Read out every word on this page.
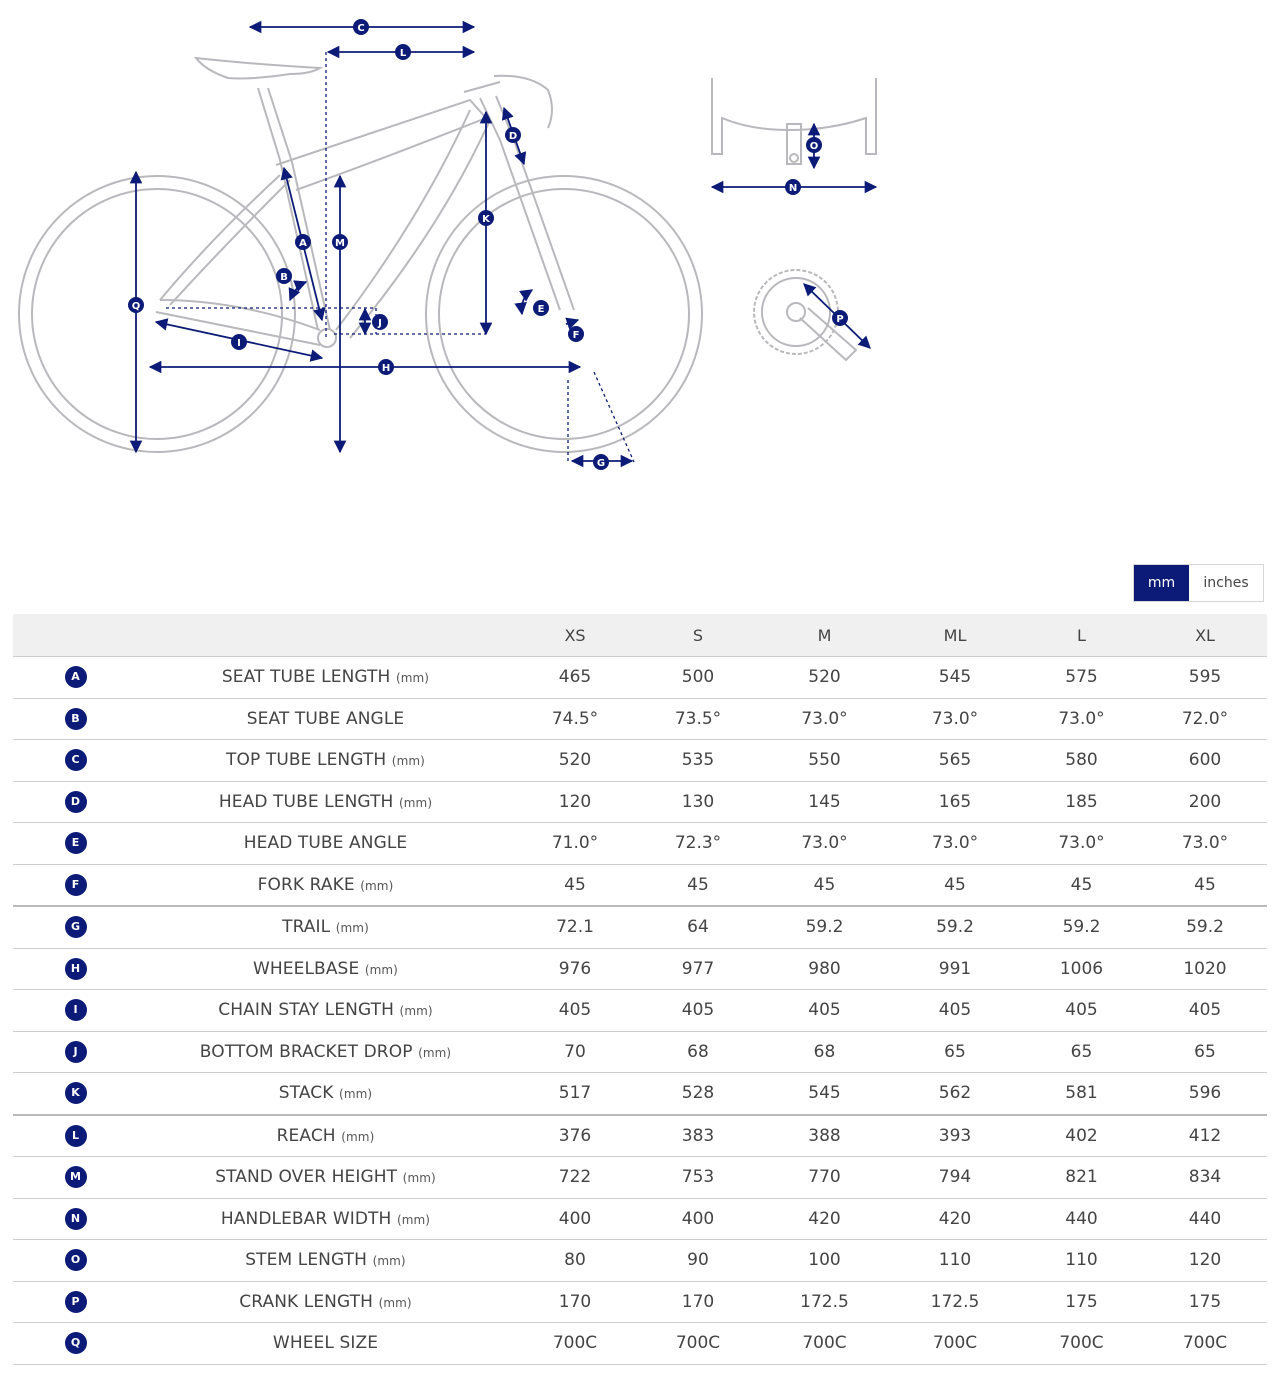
A
B
C
D
E
F
G
H
I
J
K
L
M
N
O
P
Q
mm	inches
		XS	S	M	ML	L	XL
A	SEAT TUBE LENGTH (mm)	465	500	520	545	575	595
B	SEAT TUBE ANGLE	74.5°	73.5°	73.0°	73.0°	73.0°	72.0°
C	TOP TUBE LENGTH (mm)	520	535	550	565	580	600
D	HEAD TUBE LENGTH (mm)	120	130	145	165	185	200
E	HEAD TUBE ANGLE	71.0°	72.3°	73.0°	73.0°	73.0°	73.0°
F	FORK RAKE (mm)	45	45	45	45	45	45
G	TRAIL (mm)	72.1	64	59.2	59.2	59.2	59.2
H	WHEELBASE (mm)	976	977	980	991	1006	1020
I	CHAIN STAY LENGTH (mm)	405	405	405	405	405	405
J	BOTTOM BRACKET DROP (mm)	70	68	68	65	65	65
K	STACK (mm)	517	528	545	562	581	596
L	REACH (mm)	376	383	388	393	402	412
M	STAND OVER HEIGHT (mm)	722	753	770	794	821	834
N	HANDLEBAR WIDTH (mm)	400	400	420	420	440	440
O	STEM LENGTH (mm)	80	90	100	110	110	120
P	CRANK LENGTH (mm)	170	170	172.5	172.5	175	175
Q	WHEEL SIZE	700C	700C	700C	700C	700C	700C
